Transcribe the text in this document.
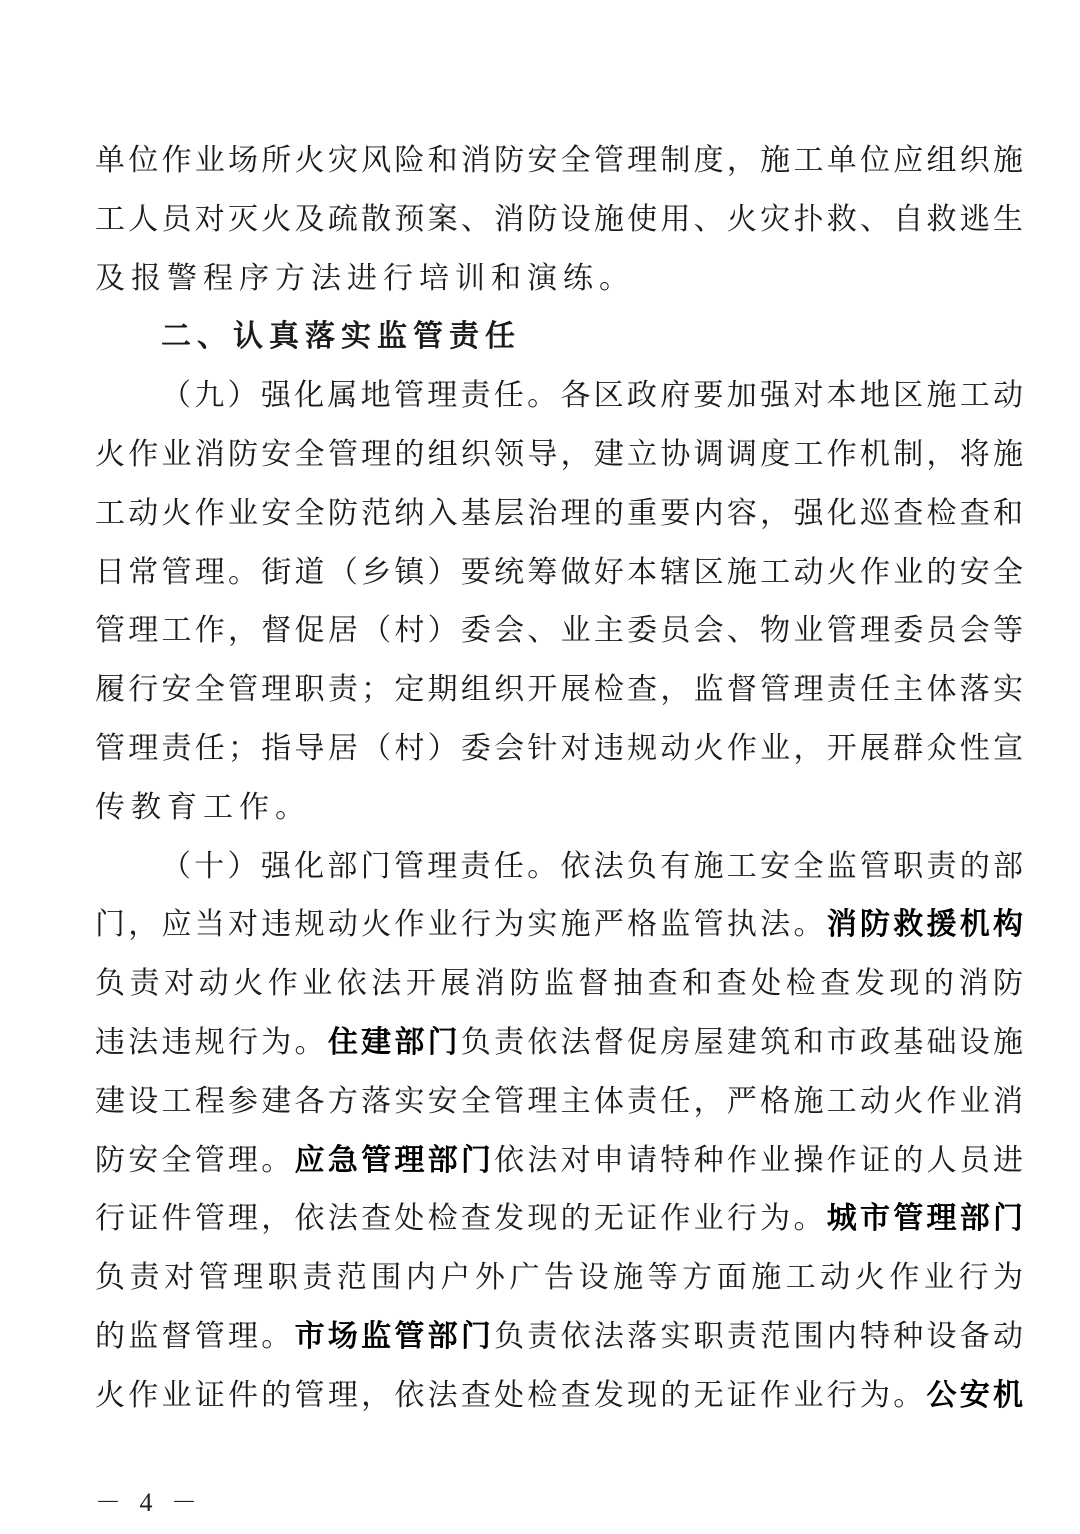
单位作业场所火灾风险和消防安全管理制度，施工单位应组织施
工人员对灭火及疏散预案、消防设施使用、火灾扑救、自救逃生
及报警程序方法进行培训和演练。
二、认真落实监管责任
（九）强化属地管理责任。各区政府要加强对本地区施工动
火作业消防安全管理的组织领导，建立协调调度工作机制，将施
工动火作业安全防范纳入基层治理的重要内容，强化巡查检查和
日常管理。街道（乡镇）要统筹做好本辖区施工动火作业的安全
管理工作，督促居（村）委会、业主委员会、物业管理委员会等
履行安全管理职责；定期组织开展检查，监督管理责任主体落实
管理责任；指导居（村）委会针对违规动火作业，开展群众性宣
传教育工作。
（十）强化部门管理责任。依法负有施工安全监管职责的部
门，应当对违规动火作业行为实施严格监管执法。消防救援机构
负责对动火作业依法开展消防监督抽查和查处检查发现的消防
违法违规行为。住建部门负责依法督促房屋建筑和市政基础设施
建设工程参建各方落实安全管理主体责任，严格施工动火作业消
防安全管理。应急管理部门依法对申请特种作业操作证的人员进
行证件管理，依法查处检查发现的无证作业行为。城市管理部门
负责对管理职责范围内户外广告设施等方面施工动火作业行为
的监督管理。市场监管部门负责依法落实职责范围内特种设备动
火作业证件的管理，依法查处检查发现的无证作业行为。公安机
－ 4 －
